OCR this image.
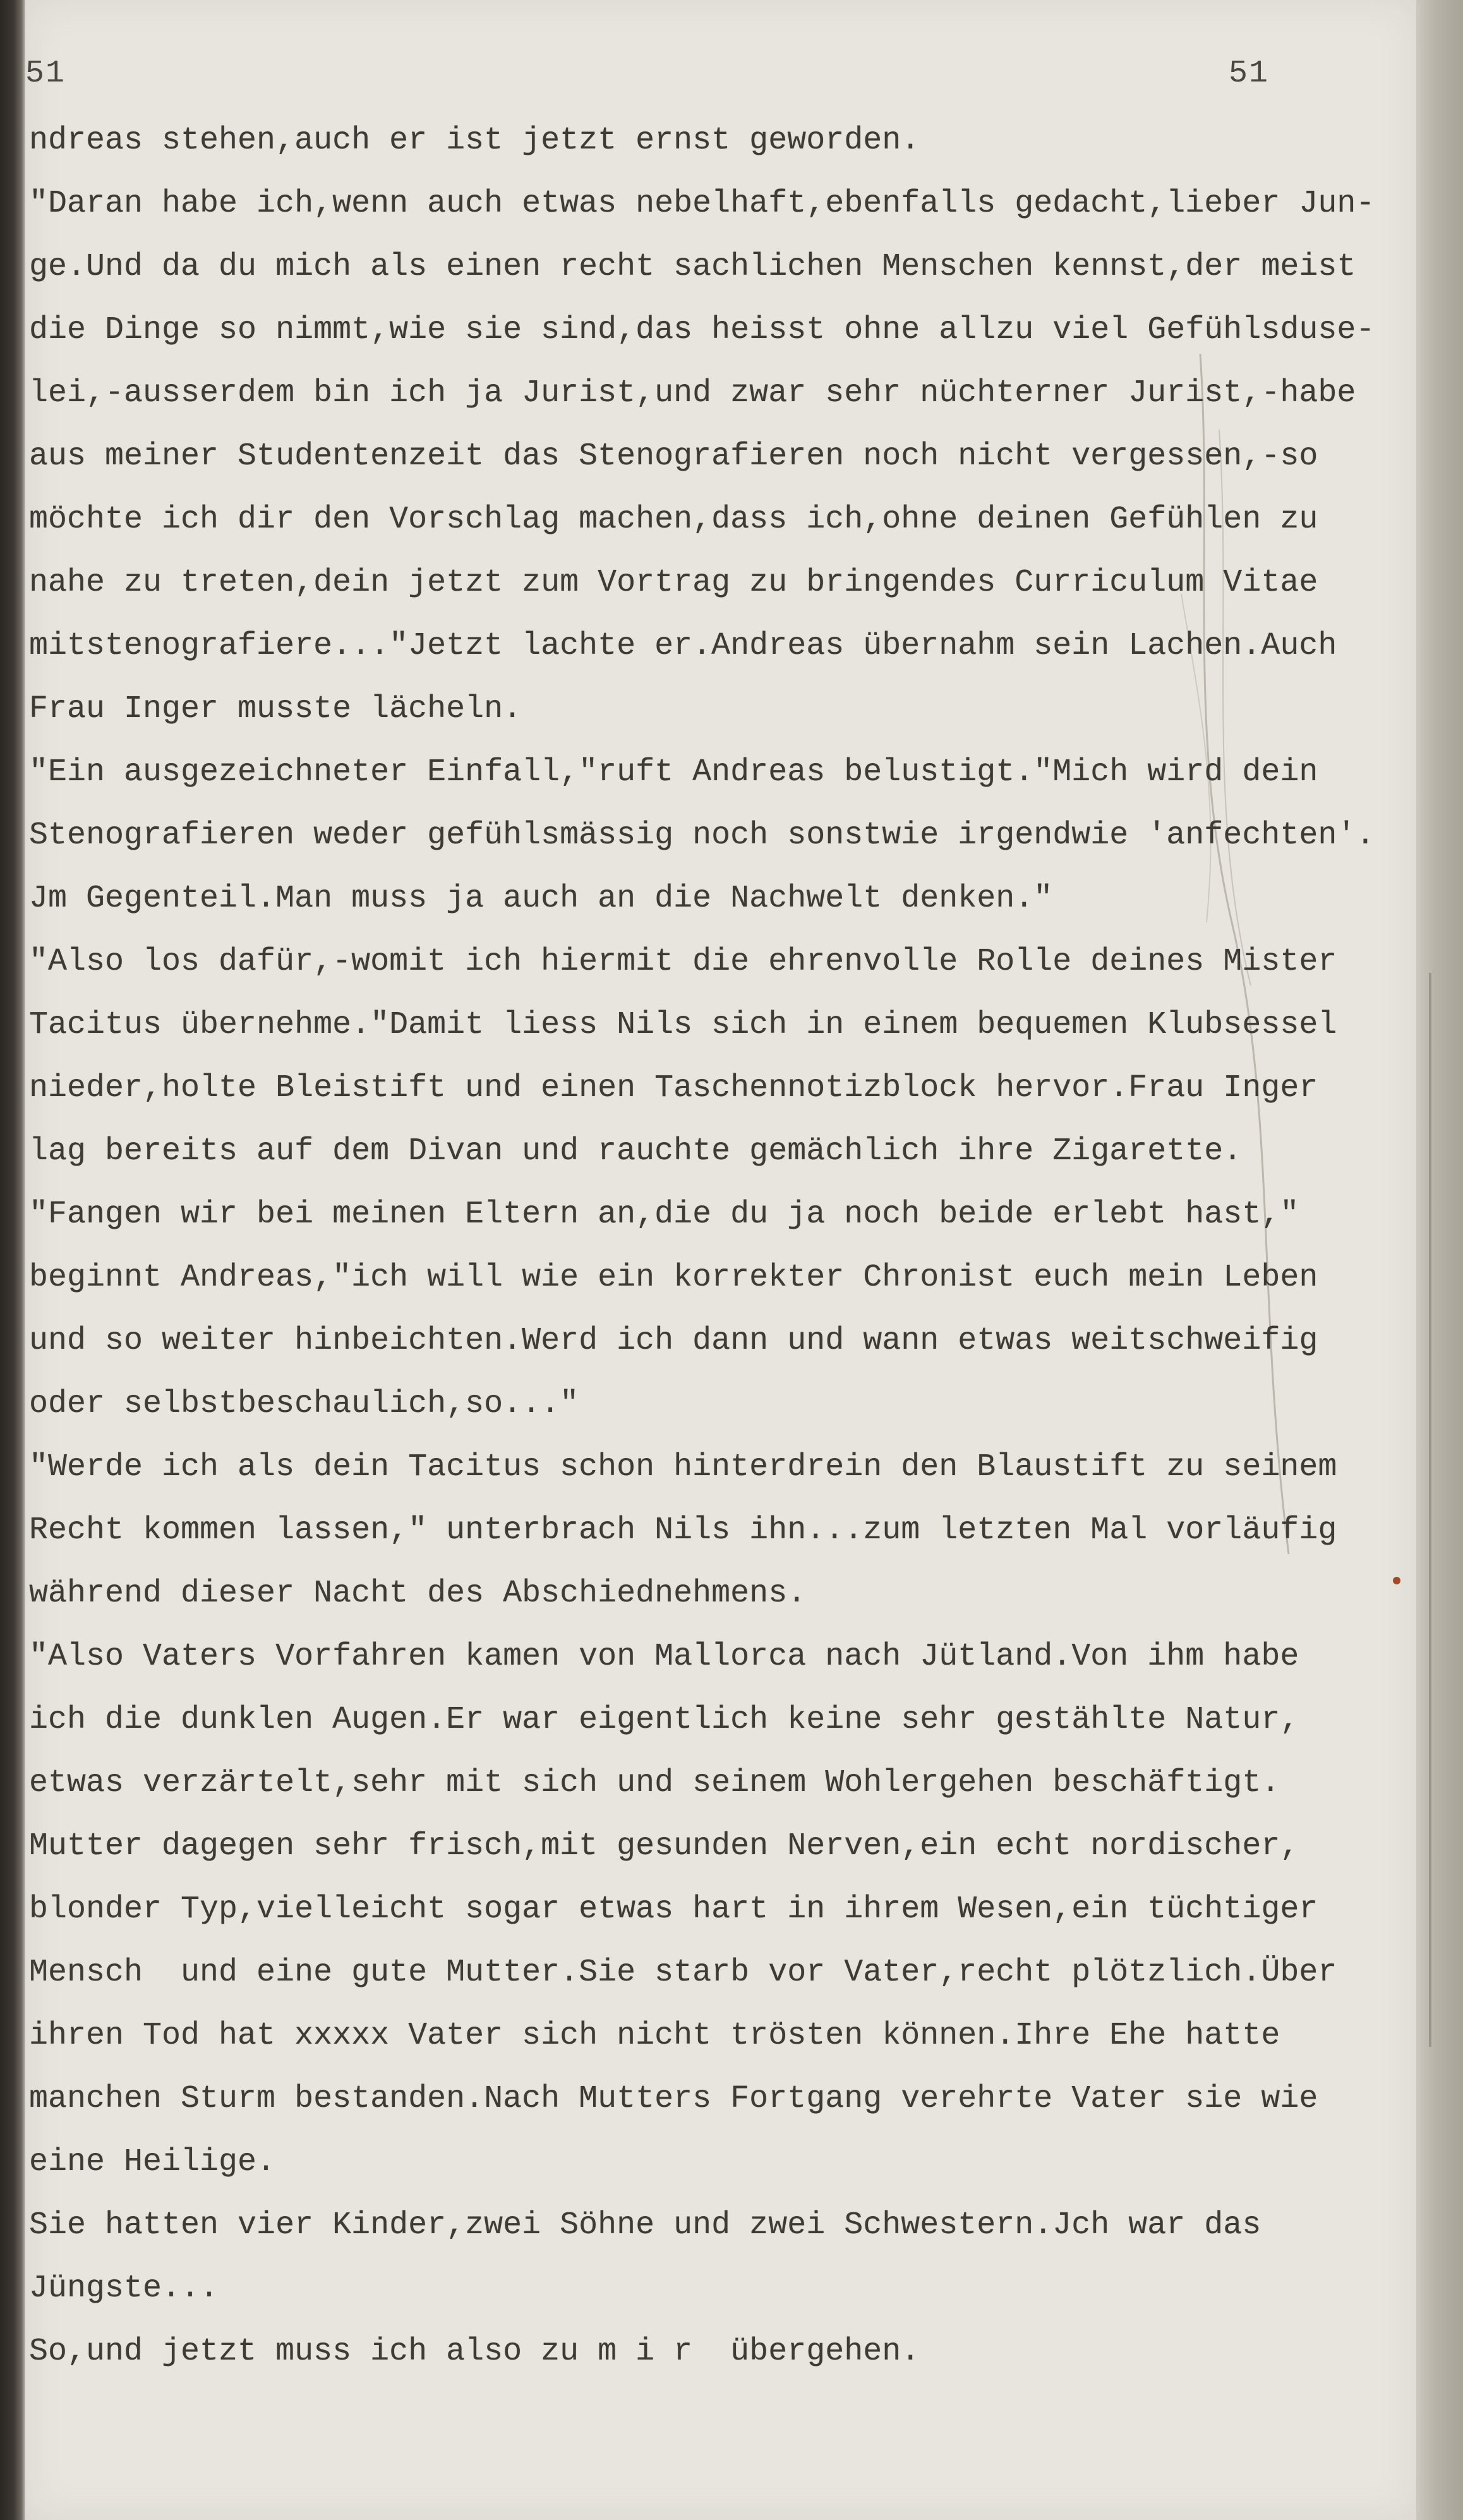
51	51
ndreas stehen,auch er ist jetzt ernst geworden.
"Daran habe ich,wenn auch etwas nebelhaft,ebenfalls gedacht,lieber Jun-
ge.Und da du mich als einen recht sachlichen Menschen kennst,der meist
die Dinge so nimmt,wie sie sind,das heisst ohne allzu viel Gefühlsdusе-
lei,-ausserdem bin ich ja Jurist,und zwar sehr nüchterner Jurist,-habe
aus meiner Studentenzeit das Stenografieren noch nicht vergessen,-so
möchte ich dir den Vorschlag machen,dass ich,ohne deinen Gefühlen zu
nahe zu treten,dein jetzt zum Vortrag zu bringendes Curriculum Vitae
mitstenografiere..."Jetzt lachte er.Andreas übernahm sein Lachen.Auch
Frau Inger musste lächeln.
"Ein ausgezeichneter Einfall,"ruft Andreas belustigt."Mich wird dein
Stenografieren weder gefühlsmässig noch sonstwie irgendwie 'anfechten'.
Jm Gegenteil.Man muss ja auch an die Nachwelt denken."
"Also los dafür,-womit ich hiermit die ehrenvolle Rolle deines Mister
Tacitus übernehme."Damit liess Nils sich in einem bequemen Klubsessel
nieder,holte Bleistift und einen Taschennotizblock hervor.Frau Inger
lag bereits auf dem Divan und rauchte gemächlich ihre Zigarette.
"Fangen wir bei meinen Eltern an,die du ja noch beide erlebt hast,"
beginnt Andreas,"ich will wie ein korrekter Chronist euch mein Leben
und so weiter hinbeichten.Werd ich dann und wann etwas weitschweifig
oder selbstbeschaulich,so..."
"Werde ich als dein Tacitus schon hinterdrein den Blaustift zu seinem
Recht kommen lassen," unterbrach Nils ihn...zum letzten Mal vorläufig
während dieser Nacht des Abschiednehmens.
"Also Vaters Vorfahren kamen von Mallorca nach Jütland.Von ihm habe
ich die dunklen Augen.Er war eigentlich keine sehr gestählte Natur,
etwas verzärtelt,sehr mit sich und seinem Wohlergehen beschäftigt.
Mutter dagegen sehr frisch,mit gesunden Nerven,ein echt nordischer,
blonder Typ,vielleicht sogar etwas hart in ihrem Wesen,ein tüchtiger
Mensch  und eine gute Mutter.Sie starb vor Vater,recht plötzlich.Über
ihren Tod hat xxxxx Vater sich nicht trösten können.Ihre Ehe hatte
manchen Sturm bestanden.Nach Mutters Fortgang verehrte Vater sie wie
eine Heilige.
Sie hatten vier Kinder,zwei Söhne und zwei Schwestern.Jch war das
Jüngste...
So,und jetzt muss ich also zu m i r  übergehen.
